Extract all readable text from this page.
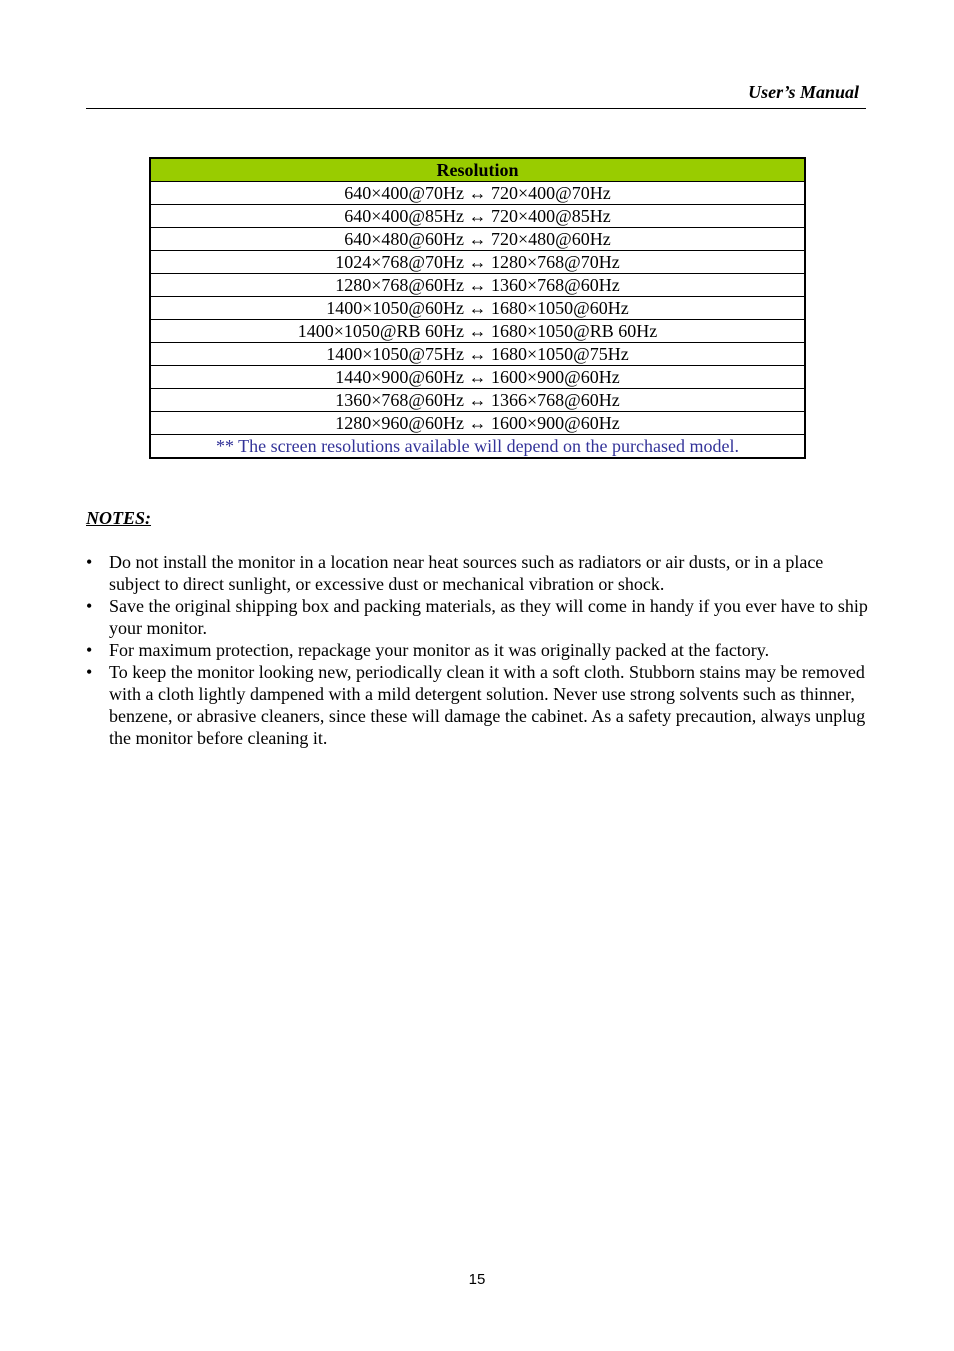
User’s Manual
Resolution
640×400@70Hz ↔ 720×400@70Hz
640×400@85Hz ↔ 720×400@85Hz
640×480@60Hz ↔ 720×480@60Hz
1024×768@70Hz ↔ 1280×768@70Hz
1280×768@60Hz ↔ 1360×768@60Hz
1400×1050@60Hz ↔ 1680×1050@60Hz
1400×1050@RB 60Hz ↔ 1680×1050@RB 60Hz
1400×1050@75Hz ↔ 1680×1050@75Hz
1440×900@60Hz ↔ 1600×900@60Hz
1360×768@60Hz ↔ 1366×768@60Hz
1280×960@60Hz ↔ 1600×900@60Hz
** The screen resolutions available will depend on the purchased model.
NOTES:
• Do not install the monitor in a location near heat sources such as radiators or air dusts, or in a place subject to direct sunlight, or excessive dust or mechanical vibration or shock.
• Save the original shipping box and packing materials, as they will come in handy if you ever have to ship your monitor.
• For maximum protection, repackage your monitor as it was originally packed at the factory.
• To keep the monitor looking new, periodically clean it with a soft cloth. Stubborn stains may be removed with a cloth lightly dampened with a mild detergent solution. Never use strong solvents such as thinner, benzene, or abrasive cleaners, since these will damage the cabinet. As a safety precaution, always unplug the monitor before cleaning it.
15
